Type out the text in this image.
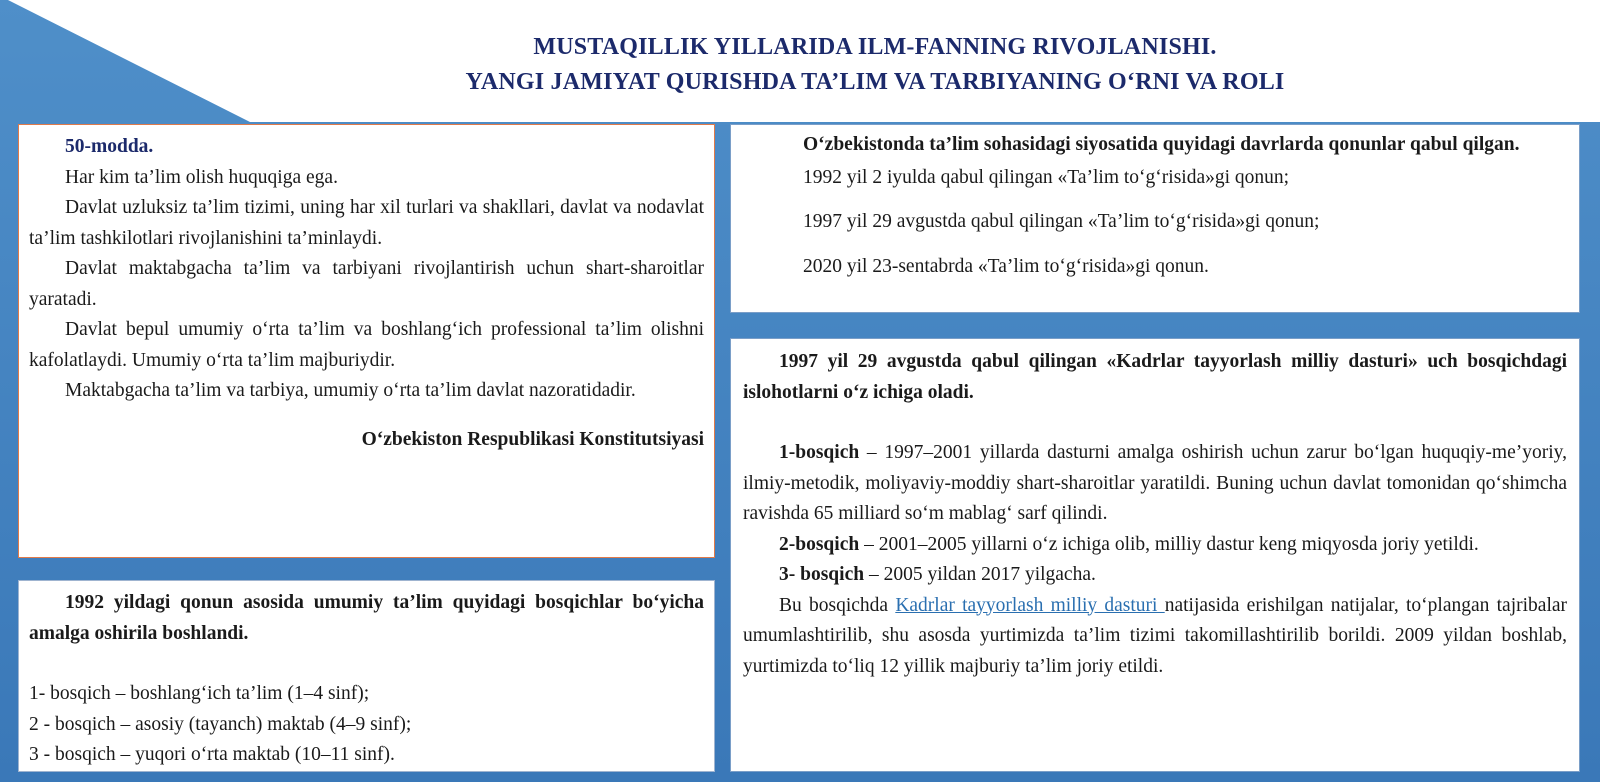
MUSTAQILLIK YILLARIDA ILM-FANNING RIVOJLANISHI.
YANGI JAMIYAT QURISHDA TA’LIM VA TARBIYANING O‘RNI VA ROLI

50-modda.

Har kim ta’lim olish huquqiga ega.

Davlat uzluksiz ta’lim tizimi, uning har xil turlari va shakllari, davlat va nodavlat ta’lim tashkilotlari rivojlanishini ta’minlaydi.

Davlat maktabgacha ta’lim va tarbiyani rivojlantirish uchun shart-sharoitlar yaratadi.

Davlat bepul umumiy o‘rta ta’lim va boshlang‘ich professional ta’lim olishni kafolatlaydi. Umumiy o‘rta ta’lim majburiydir.

Maktabgacha ta’lim va tarbiya, umumiy o‘rta ta’lim davlat nazoratidadir.

O‘zbekiston Respublikasi Konstitutsiyasi

O‘zbekistonda ta’lim sohasidagi siyosatida quyidagi davrlarda qonunlar qabul qilgan.

1992 yil 2 iyulda qabul qilingan «Ta’lim to‘g‘risida»gi qonun;

1997 yil 29 avgustda qabul qilingan «Ta’lim to‘g‘risida»gi qonun;

2020 yil 23-sentabrda «Ta’lim to‘g‘risida»gi qonun.

1992 yildagi qonun asosida umumiy ta’lim quyidagi bosqichlar bo‘yicha amalga oshirila boshlandi.

1- bosqich – boshlang‘ich ta’lim (1–4 sinf);

2 - bosqich – asosiy (tayanch) maktab (4–9 sinf);

3 - bosqich – yuqori o‘rta maktab (10–11 sinf).

1997 yil 29 avgustda qabul qilingan «Kadrlar tayyorlash milliy dasturi» uch bosqichdagi islohotlarni o‘z ichiga oladi.

1-bosqich – 1997–2001 yillarda dasturni amalga oshirish uchun zarur bo‘lgan huquqiy-me’yoriy, ilmiy-metodik, moliyaviy-moddiy shart-sharoitlar yaratildi. Buning uchun davlat tomonidan qo‘shimcha ravishda 65 milliard so‘m mablag‘ sarf qilindi.

2-bosqich – 2001–2005 yillarni o‘z ichiga olib, milliy dastur keng miqyosda joriy yetildi.

3- bosqich – 2005 yildan 2017 yilgacha.

Bu bosqichda Kadrlar tayyorlash milliy dasturi natijasida erishilgan natijalar, to‘plangan tajribalar umumlashtirilib, shu asosda yurtimizda ta’lim tizimi takomillashtirilib borildi. 2009 yildan boshlab, yurtimizda to‘liq 12 yillik majburiy ta’lim joriy etildi.
